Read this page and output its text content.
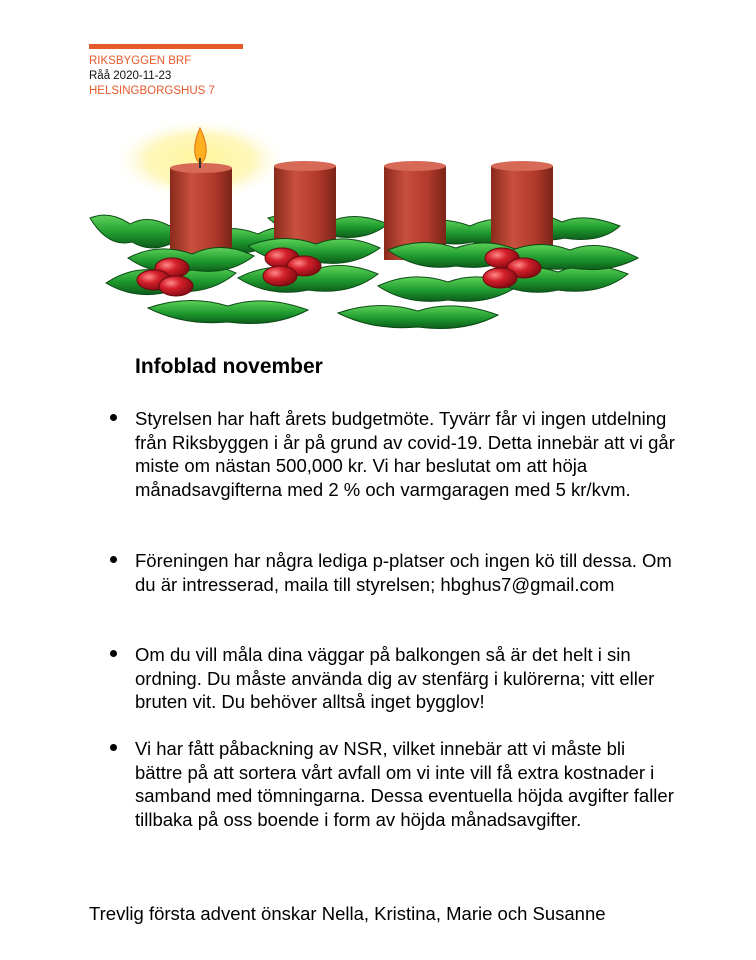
RIKSBYGGEN BRF
Råå 2020-11-23
HELSINGBORGSHUS 7
Infoblad november
Styrelsen har haft årets budgetmöte. Tyvärr får vi ingen utdelning från Riksbyggen i år på grund av covid-19. Detta innebär att vi går miste om nästan 500,000 kr. Vi har beslutat om att höja månadsavgifterna med 2 % och varmgaragen med 5 kr/kvm.
Föreningen har några lediga p-platser och ingen kö till dessa. Om du är intresserad, maila till styrelsen; hbghus7@gmail.com
Om du vill måla dina väggar på balkongen så är det helt i sin ordning. Du måste använda dig av stenfärg i kulörerna; vitt eller bruten vit. Du behöver alltså inget bygglov!
Vi har fått påbackning av NSR, vilket innebär att vi måste bli bättre på att sortera vårt avfall om vi inte vill få extra kostnader i samband med tömningarna. Dessa eventuella höjda avgifter faller tillbaka på oss boende i form av höjda månadsavgifter.
Trevlig första advent önskar Nella, Kristina, Marie och Susanne
